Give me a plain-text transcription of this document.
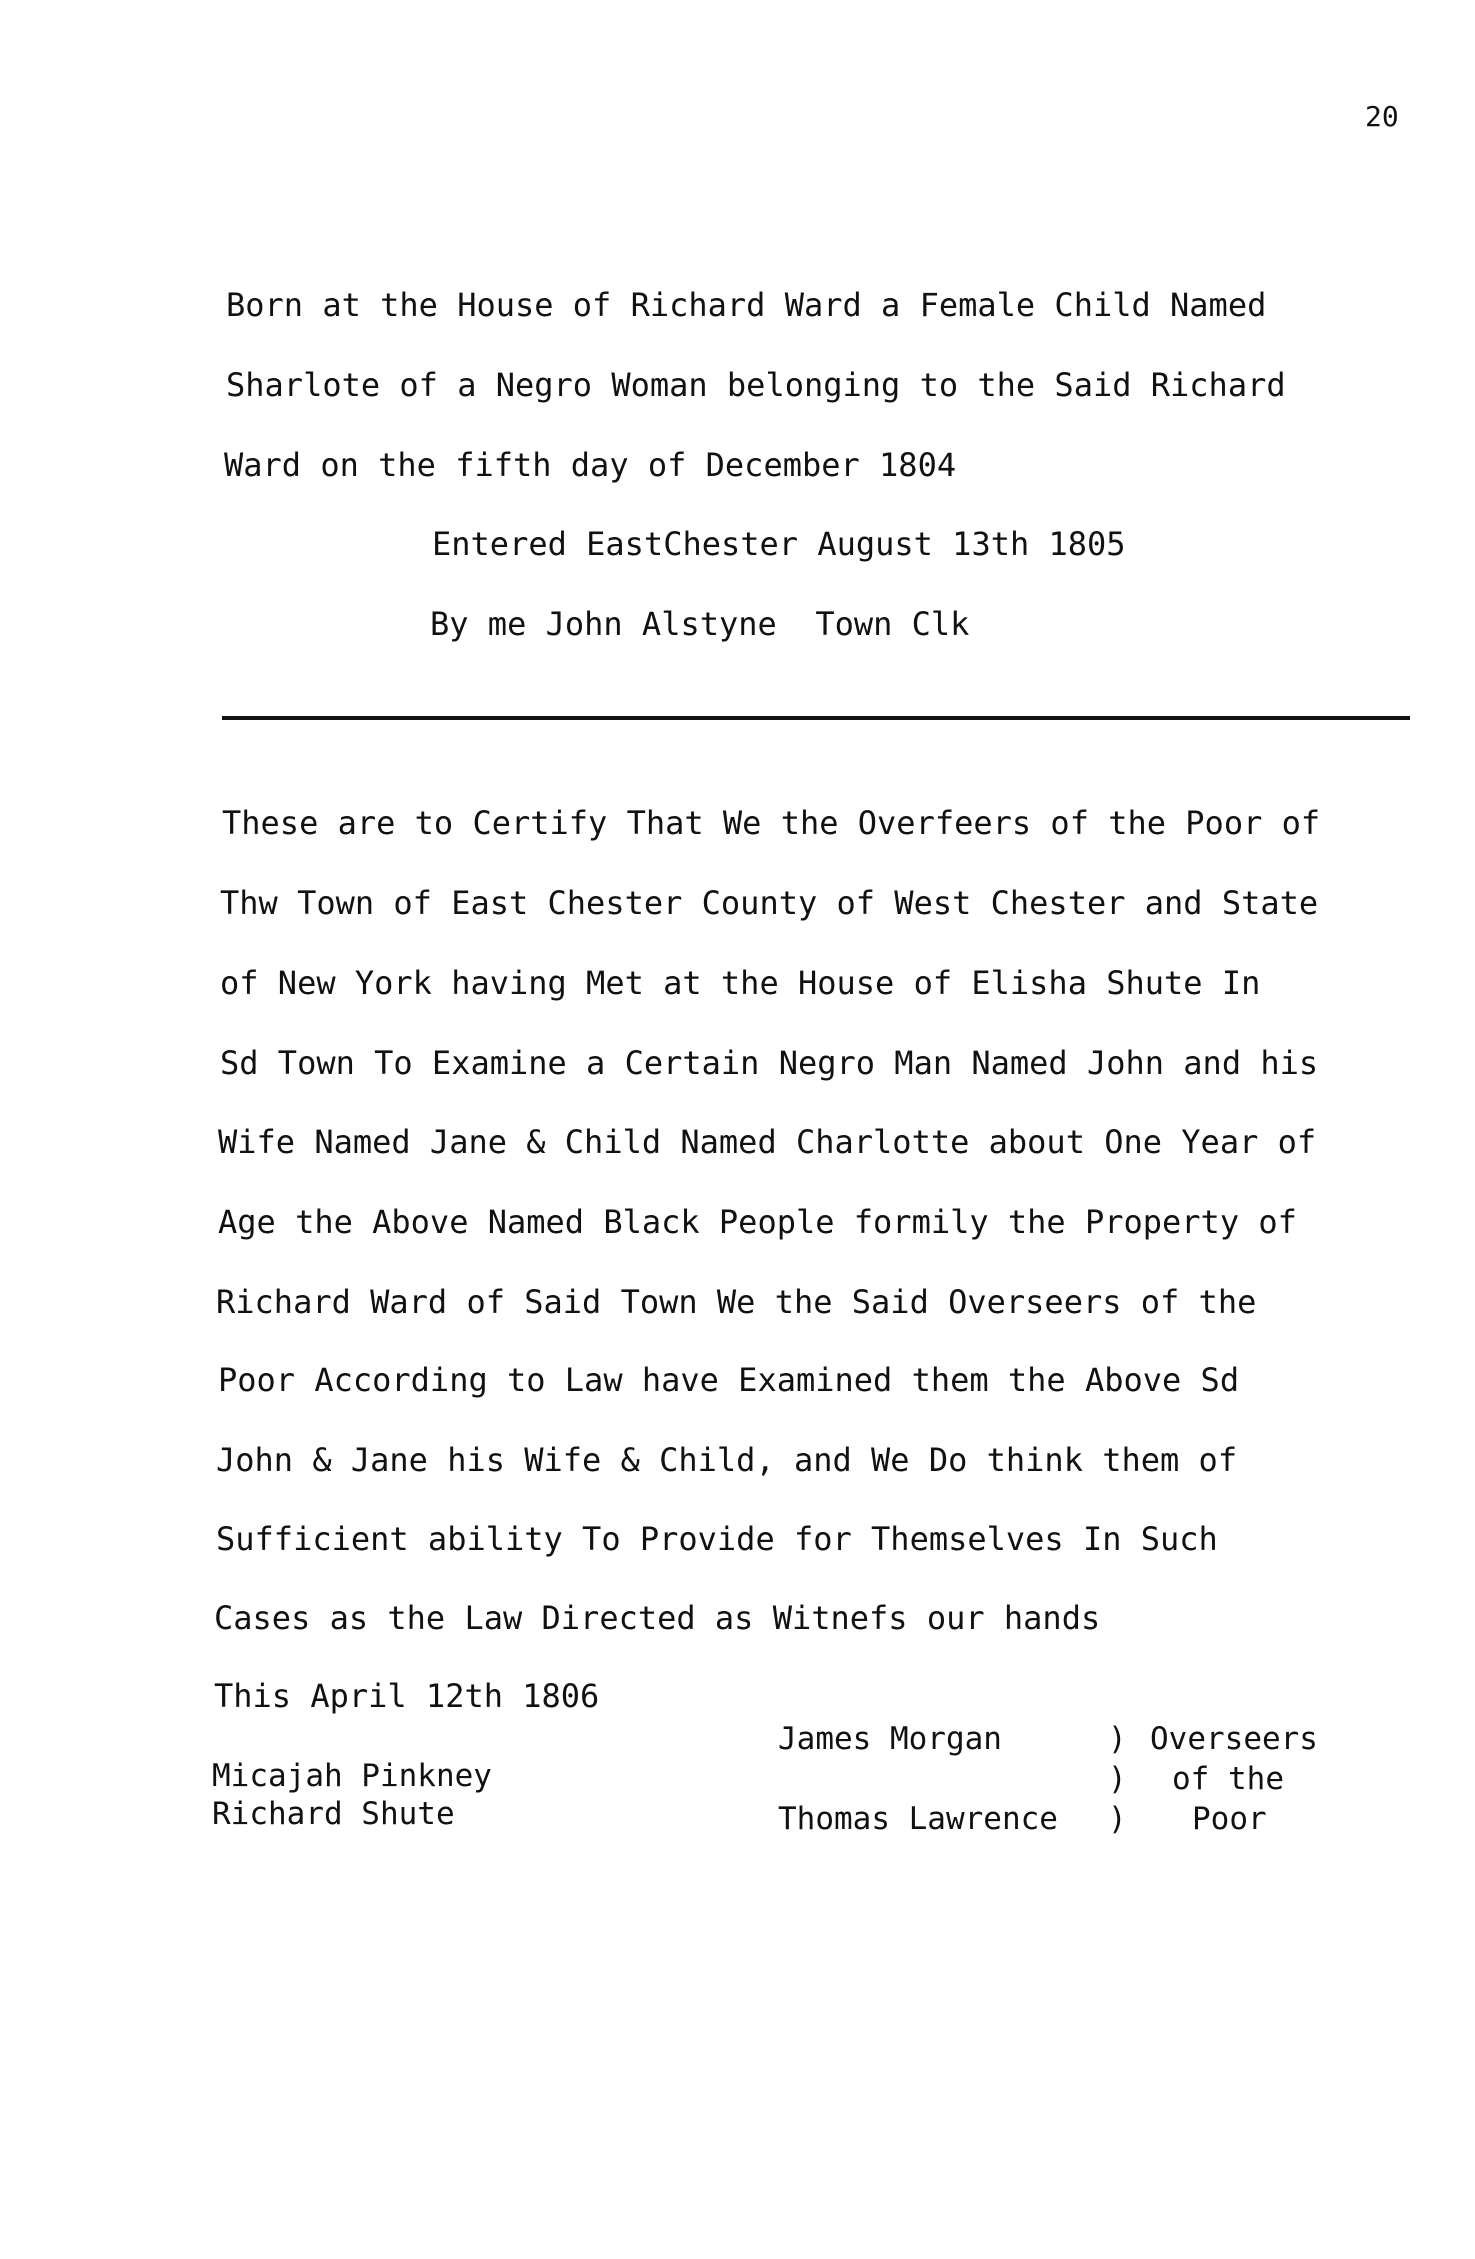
20
Born at the House of Richard Ward a Female Child Named
Sharlote of a Negro Woman belonging to the Said Richard
Ward on the fifth day of December 1804
Entered EastChester August 13th 1805
By me John Alstyne  Town Clk
These are to Certify That We the Overfeers of the Poor of
Thw Town of East Chester County of West Chester and State
of New York having Met at the House of Elisha Shute In
Sd Town To Examine a Certain Negro Man Named John and his
Wife Named Jane & Child Named Charlotte about One Year of
Age the Above Named Black People formily the Property of
Richard Ward of Said Town We the Said Overseers of the
Poor According to Law have Examined them the Above Sd
John & Jane his Wife & Child, and We Do think them of
Sufficient ability To Provide for Themselves In Such
Cases as the Law Directed as Witnefs our hands
This April 12th 1806
Micajah Pinkney
Richard Shute
James Morgan
Thomas Lawrence
)
)
)
Overseers
of the
Poor
